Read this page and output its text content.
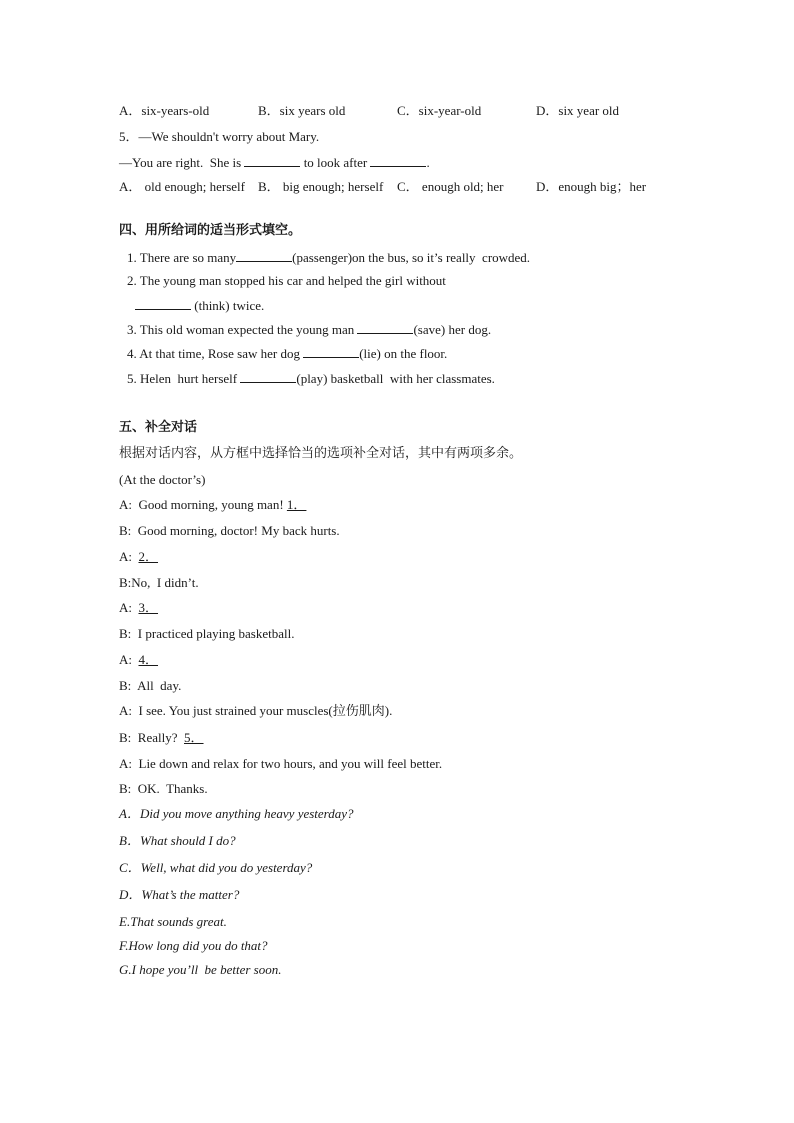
A．six-years-old	B．six years old	C．six-year-old	D．six year old
5．—We shouldn't worry about Mary.
—You are right.  She is	to look after	.
A． old enough; herself B． big enough; herself C． enough old; her D．enough big；her
四、用所给词的适当形式填空。
1. There are so many	(passenger)on the bus, so it’s really  crowded.
2. The young man stopped his car and helped the girl without
(think) twice.
3. This old woman expected the young man	(save) her dog.
4. At that time, Rose saw her dog	(lie) on the floor.
5. Helen  hurt herself	(play) basketball  with her classmates.
五、补全对话
根据对话内容，从方框中选择恰当的选项补全对话，其中有两项多余。
(At the doctor’s)
A:  Good morning, young man! 1．
B:  Good morning, doctor! My back hurts.
A:  2．
B:No,  I didn’t.
A:  3．
B:  I practiced playing basketball.
A:  4．
B:  All  day.
A:  I see. You just strained your muscles(拉伤肌肉).
B:  Really?  5．
A:  Lie down and relax for two hours, and you will feel better.
B:  OK.  Thanks.
A．Did you move anything heavy yesterday?
B．What should I do?
C．Well, what did you do yesterday?
D．What’s the matter?
E.That sounds great.
F.How long did you do that?
G.I hope you’ll  be better soon.
